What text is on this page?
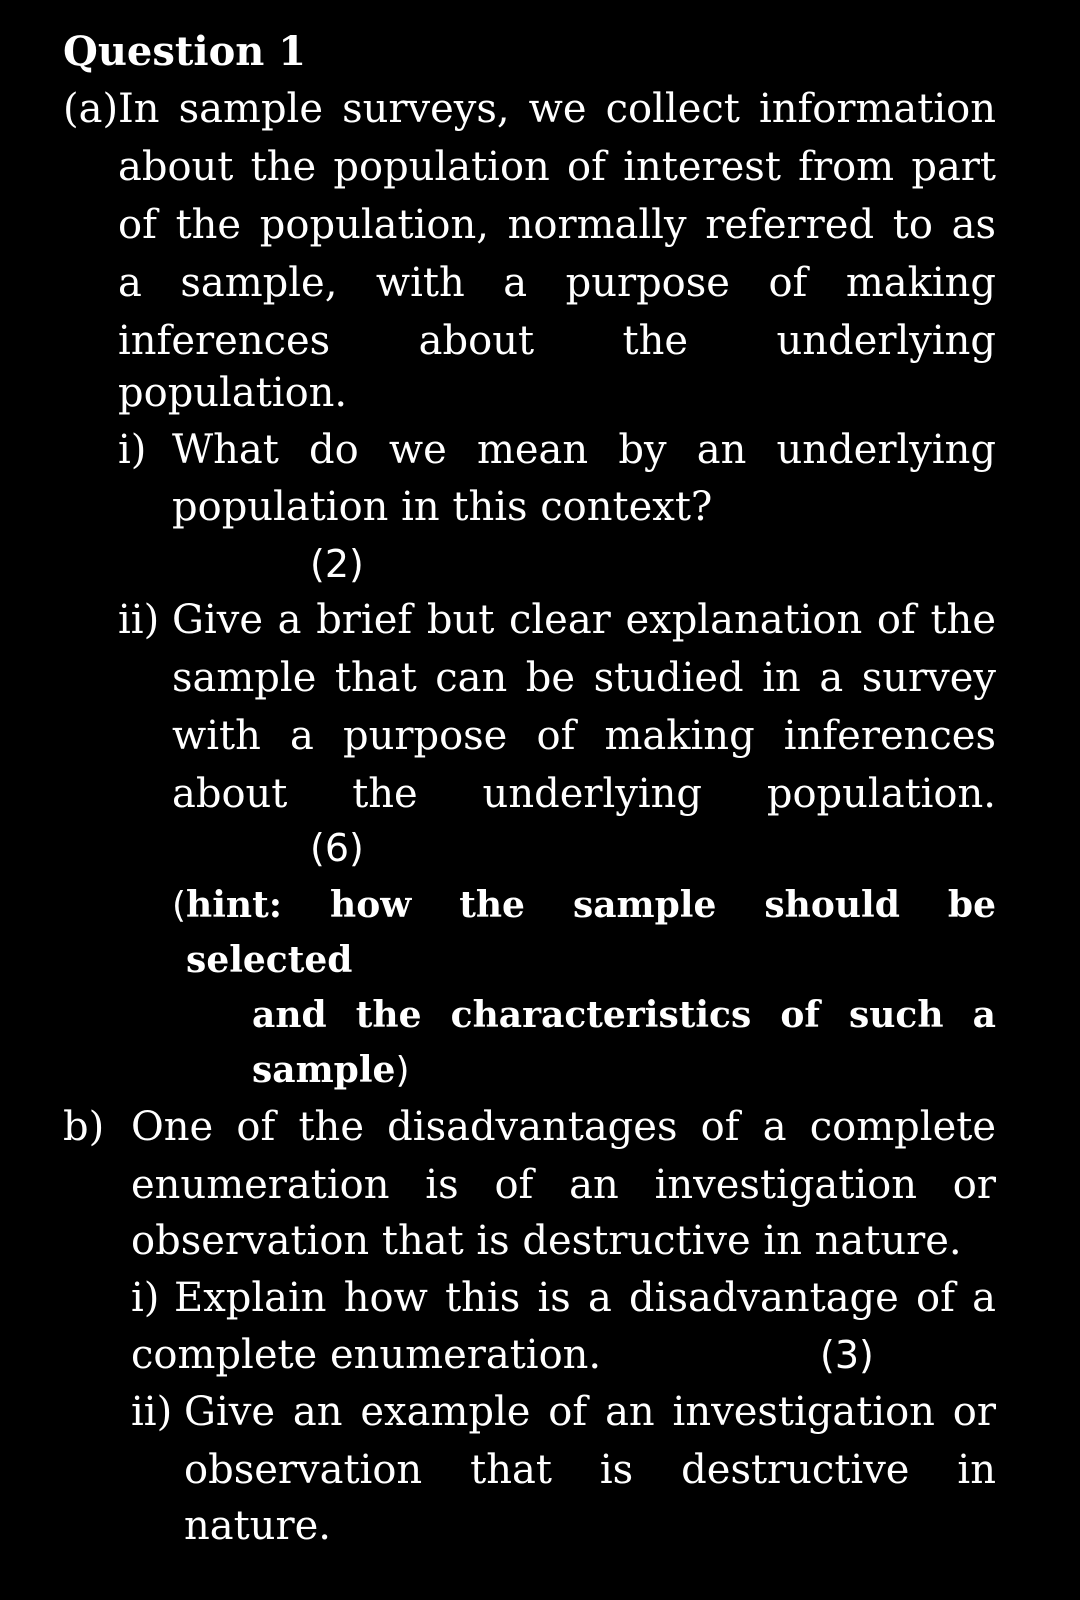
Question 1
(a) In sample surveys, we collect information about the population of interest from part of the population, normally referred to as a sample, with a purpose of making inferences about the underlying

population.

i) What do we mean by an underlying

population in this context?

(2)
ii) Give a brief but clear explanation of the sample that can be studied in a survey with a purpose of making inferences about the underlying population.

(6)
( hint: how the sample should be selected
and the characteristics of such a
sample)
b) One of the disadvantages of a complete enumeration is of an investigation or

observation that is destructive in nature.

i) Explain how this is a disadvantage of a

complete enumeration.	(3)
ii) Give an example of an investigation or observation that is destructive in

nature.
